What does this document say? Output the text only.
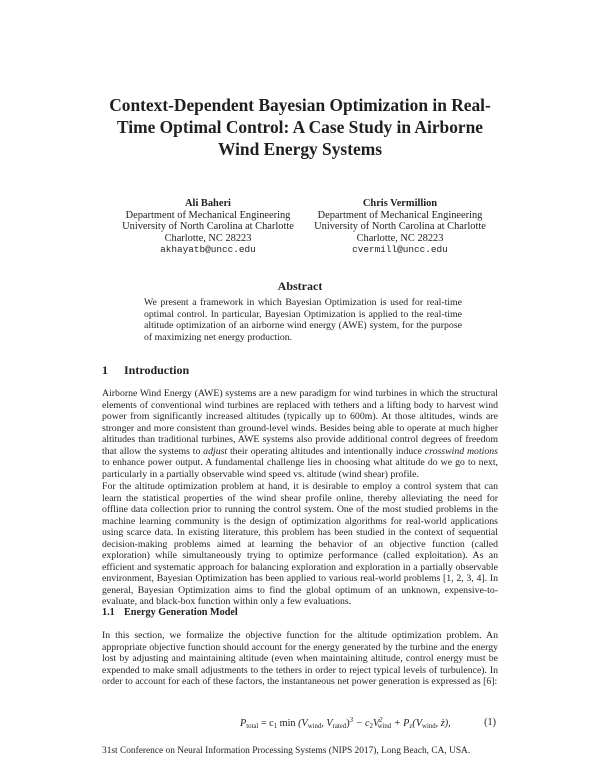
Context-Dependent Bayesian Optimization in Real-Time Optimal Control: A Case Study in Airborne Wind Energy Systems
Ali Baheri
Department of Mechanical Engineering
University of North Carolina at Charlotte
Charlotte, NC 28223
akhayatb@uncc.edu
Chris Vermillion
Department of Mechanical Engineering
University of North Carolina at Charlotte
Charlotte, NC 28223
cvermill@uncc.edu
Abstract
We present a framework in which Bayesian Optimization is used for real-time optimal control. In particular, Bayesian Optimization is applied to the real-time altitude optimization of an airborne wind energy (AWE) system, for the purpose of maximizing net energy production.
1 Introduction
Airborne Wind Energy (AWE) systems are a new paradigm for wind turbines in which the structural elements of conventional wind turbines are replaced with tethers and a lifting body to harvest wind power from significantly increased altitudes (typically up to 600m). At those altitudes, winds are stronger and more consistent than ground-level winds. Besides being able to operate at much higher altitudes than traditional turbines, AWE systems also provide additional control degrees of freedom that allow the systems to adjust their operating altitudes and intentionally induce crosswind motions to enhance power output. A fundamental challenge lies in choosing what altitude do we go to next, particularly in a partially observable wind speed vs. altitude (wind shear) profile.
For the altitude optimization problem at hand, it is desirable to employ a control system that can learn the statistical properties of the wind shear profile online, thereby alleviating the need for offline data collection prior to running the control system. One of the most studied problems in the machine learning community is the design of optimization algorithms for real-world applications using scarce data. In existing literature, this problem has been studied in the context of sequential decision-making problems aimed at learning the behavior of an objective function (called exploration) while simultaneously trying to optimize performance (called exploitation). As an efficient and systematic approach for balancing exploration and exploration in a partially observable environment, Bayesian Optimization has been applied to various real-world problems [1, 2, 3, 4]. In general, Bayesian Optimization aims to find the global optimum of an unknown, expensive-to-evaluate, and black-box function within only a few evaluations.
1.1 Energy Generation Model
In this section, we formalize the objective function for the altitude optimization problem. An appropriate objective function should account for the energy generated by the turbine and the energy lost by adjusting and maintaining altitude (even when maintaining altitude, control energy must be expended to make small adjustments to the tethers in order to reject typical levels of turbulence). In order to account for each of these factors, the instantaneous net power generation is expressed as [6]:
$P_{total} = c_1$ $\min (V_{wind}$, $V_{rated})^3 - c_2V^2_{wind} + P_z(V_{wind}$, ż),	(1)
31st Conference on Neural Information Processing Systems (NIPS 2017), Long Beach, CA, USA.
